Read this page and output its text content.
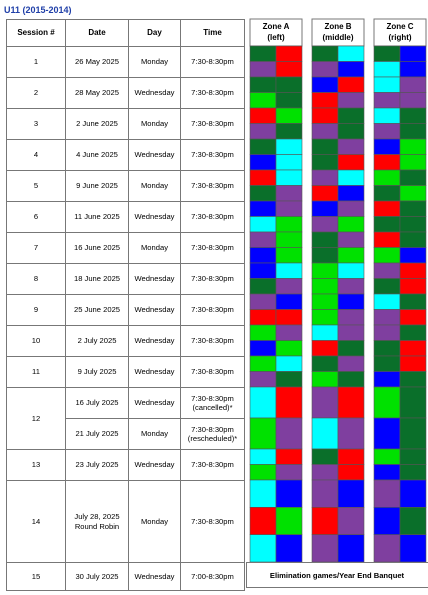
U11 (2015-2014)
Session #	Date	Day	Time
1	26 May 2025	Monday	7:30-8:30pm
2	28 May 2025	Wednesday	7:30-8:30pm
3	2 June 2025	Monday	7:30-8:30pm
4	4 June 2025	Wednesday	7:30-8:30pm
5	9 June 2025	Monday	7:30-8:30pm
6	11 June 2025	Wednesday	7:30-8:30pm
7	16 June 2025	Monday	7:30-8:30pm
8	18 June 2025	Wednesday	7:30-8:30pm
9	25 June 2025	Wednesday	7:30-8:30pm
10	2 July 2025	Wednesday	7:30-8:30pm
11	9 July 2025	Wednesday	7:30-8:30pm
12	16 July 2025	Wednesday	7:30-8:30pm
(cancelled)*

	21 July 2025	Monday	7:30-8:30pm
(rescheduled)*

13	23 July 2025	Wednesday	7:30-8:30pm
14	July 28, 2025
Round Robin	Monday	7:30-8:30pm
15	30 July 2025	Wednesday	7:00-8:30pm
Zone A
(left)
Zone B
(middle)
Zone C
(right)
Elimination games/Year End Banquet
